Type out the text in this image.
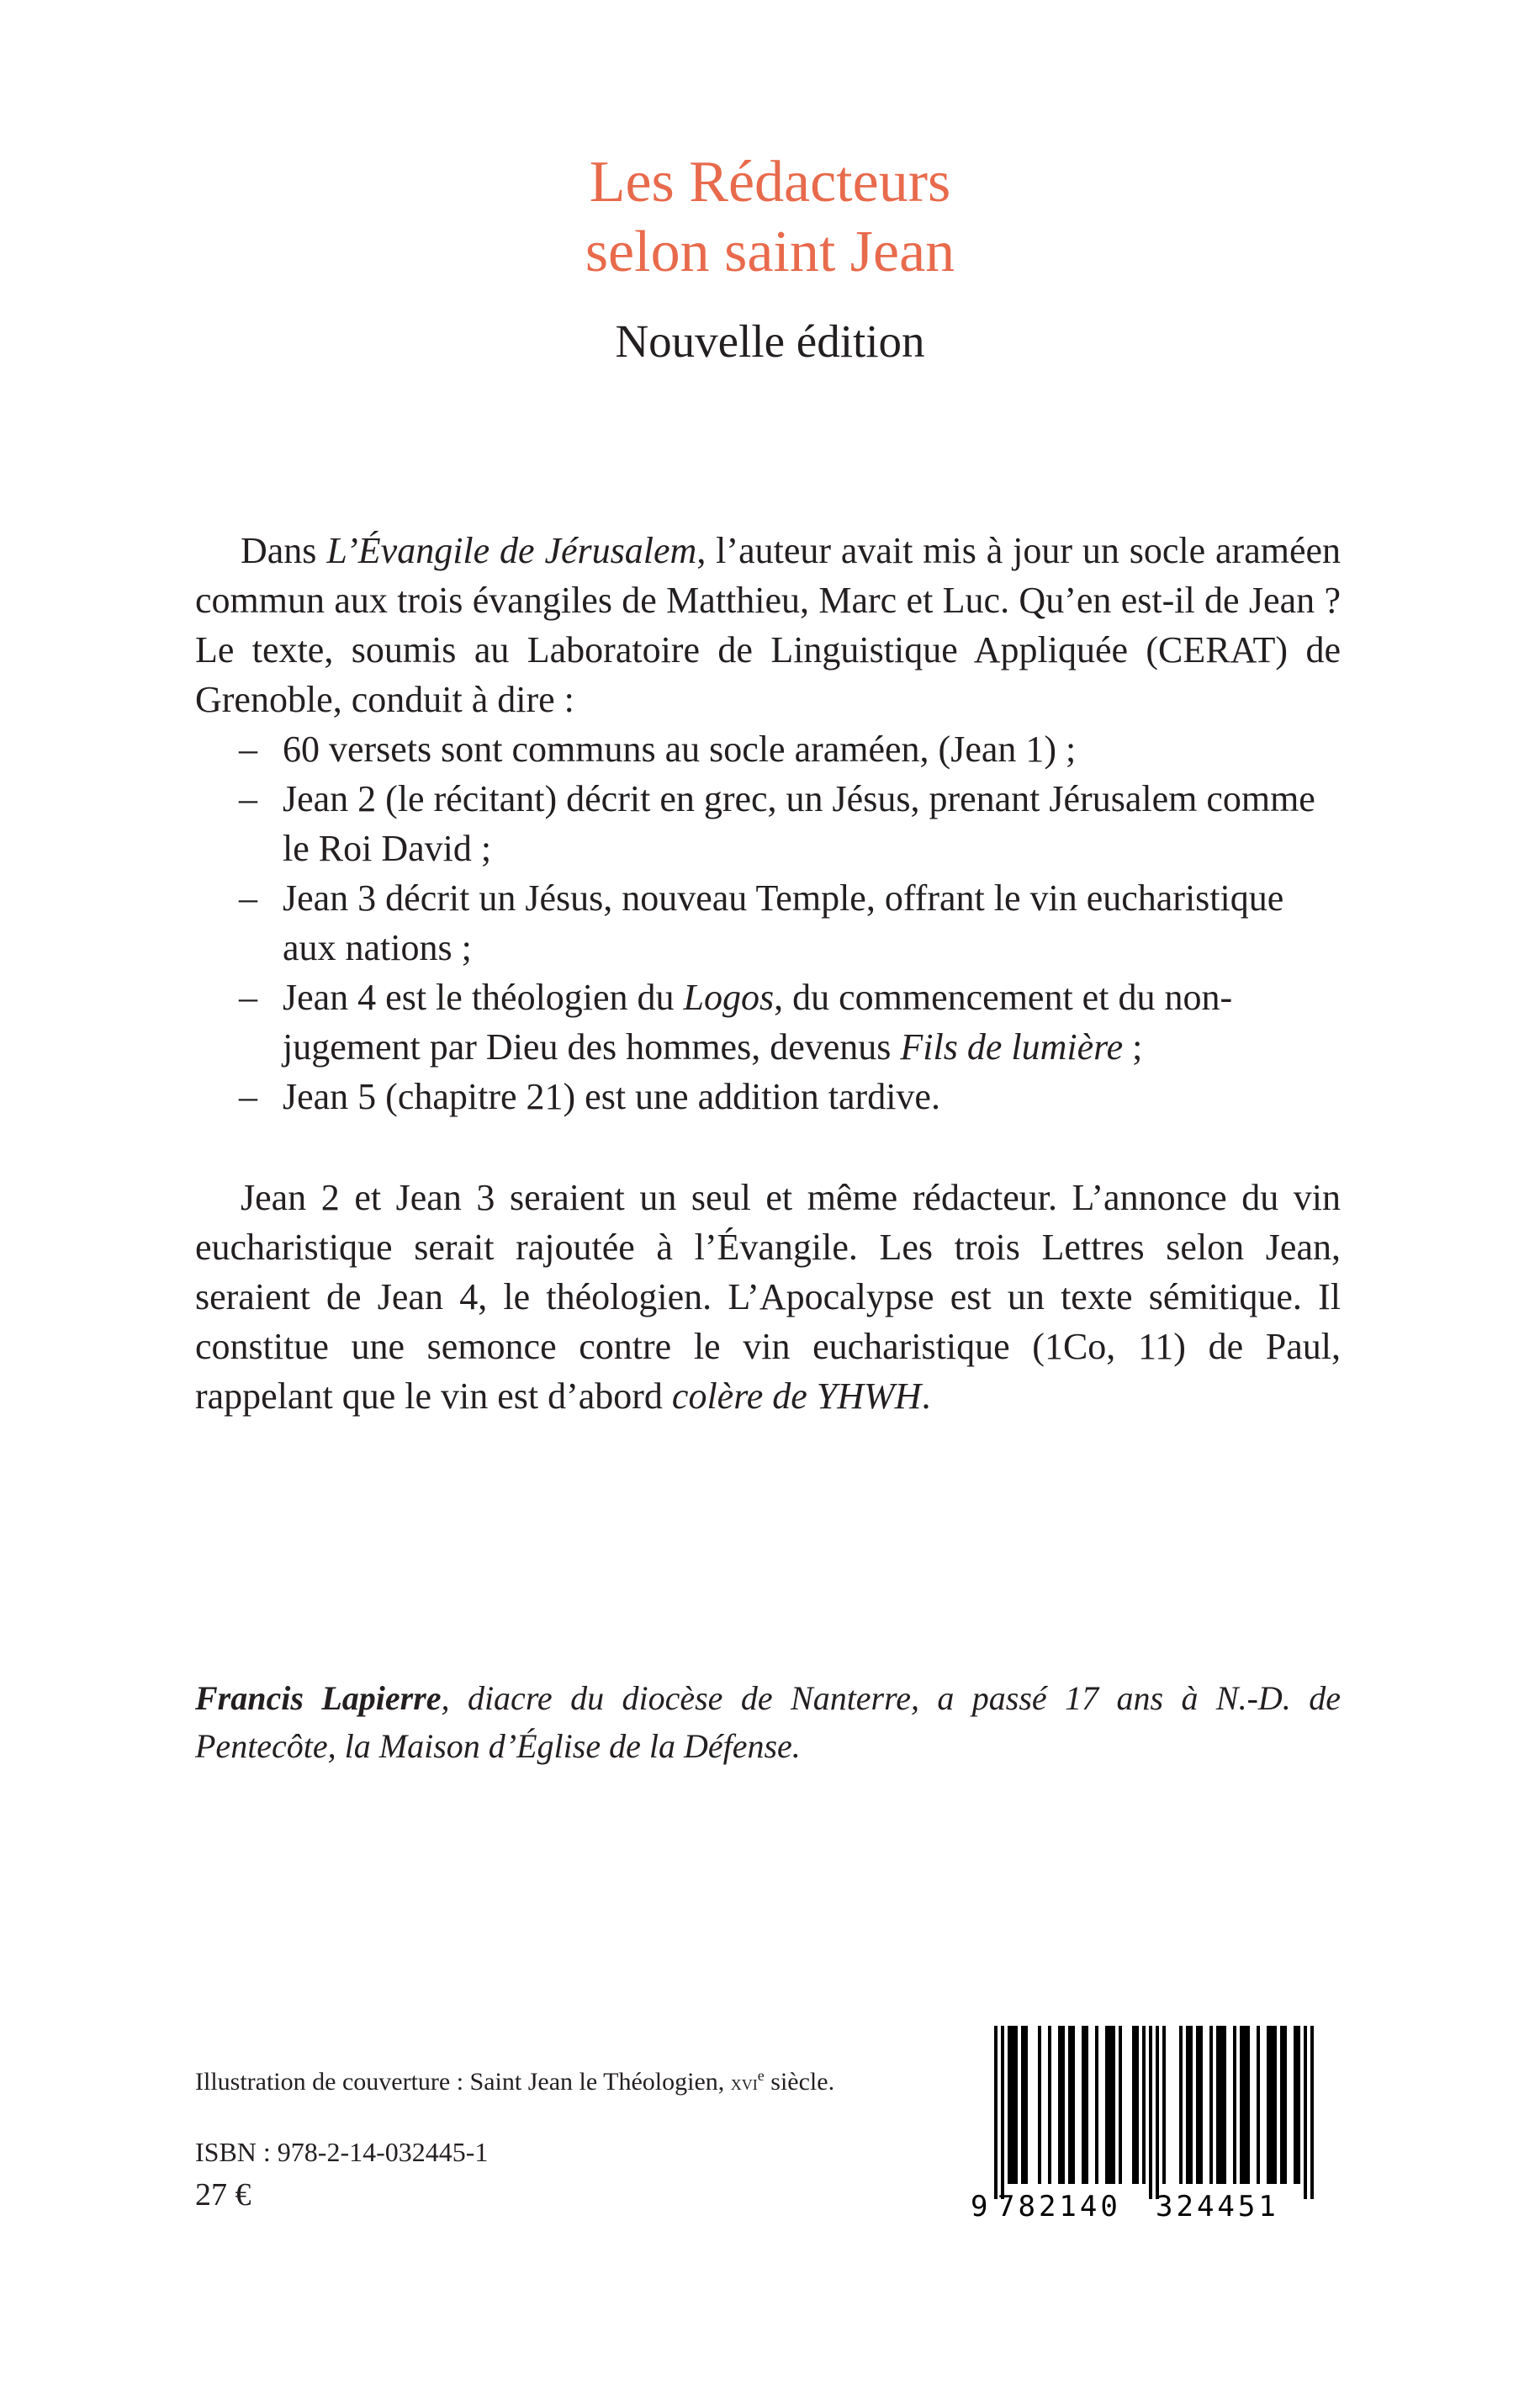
Les Rédacteurs
selon saint Jean
Nouvelle édition

Dans L’Évangile de Jérusalem, l’auteur avait mis à jour un socle araméen commun aux trois évangiles de Matthieu, Marc et Luc. Qu’en est-il de Jean ? Le texte, soumis au Laboratoire de Linguistique Appliquée (CERAT) de Grenoble, conduit à dire :

– 60 versets sont communs au socle araméen, (Jean 1) ;
– Jean 2 (le récitant) décrit en grec, un Jésus, prenant Jérusalem comme le Roi David ;
– Jean 3 décrit un Jésus, nouveau Temple, offrant le vin eucharistique aux nations ;
– Jean 4 est le théologien du Logos, du commencement et du non-jugement par Dieu des hommes, devenus Fils de lumière ;
– Jean 5 (chapitre 21) est une addition tardive.

Jean 2 et Jean 3 seraient un seul et même rédacteur. L’annonce du vin eucharistique serait rajoutée à l’Évangile. Les trois Lettres selon Jean, seraient de Jean 4, le théologien. L’Apocalypse est un texte sémitique. Il constitue une semonce contre le vin eucharistique (1Co, 11) de Paul, rappelant que le vin est d’abord colère de YHWH.

Francis Lapierre, diacre du diocèse de Nanterre, a passé 17 ans à N.-D. de Pentecôte, la Maison d’Église de la Défense.
Illustration de couverture : Saint Jean le Théologien, xvi$^e$ siècle.
ISBN : 978-2-14-032445-1
27 €	9 782140 324451
